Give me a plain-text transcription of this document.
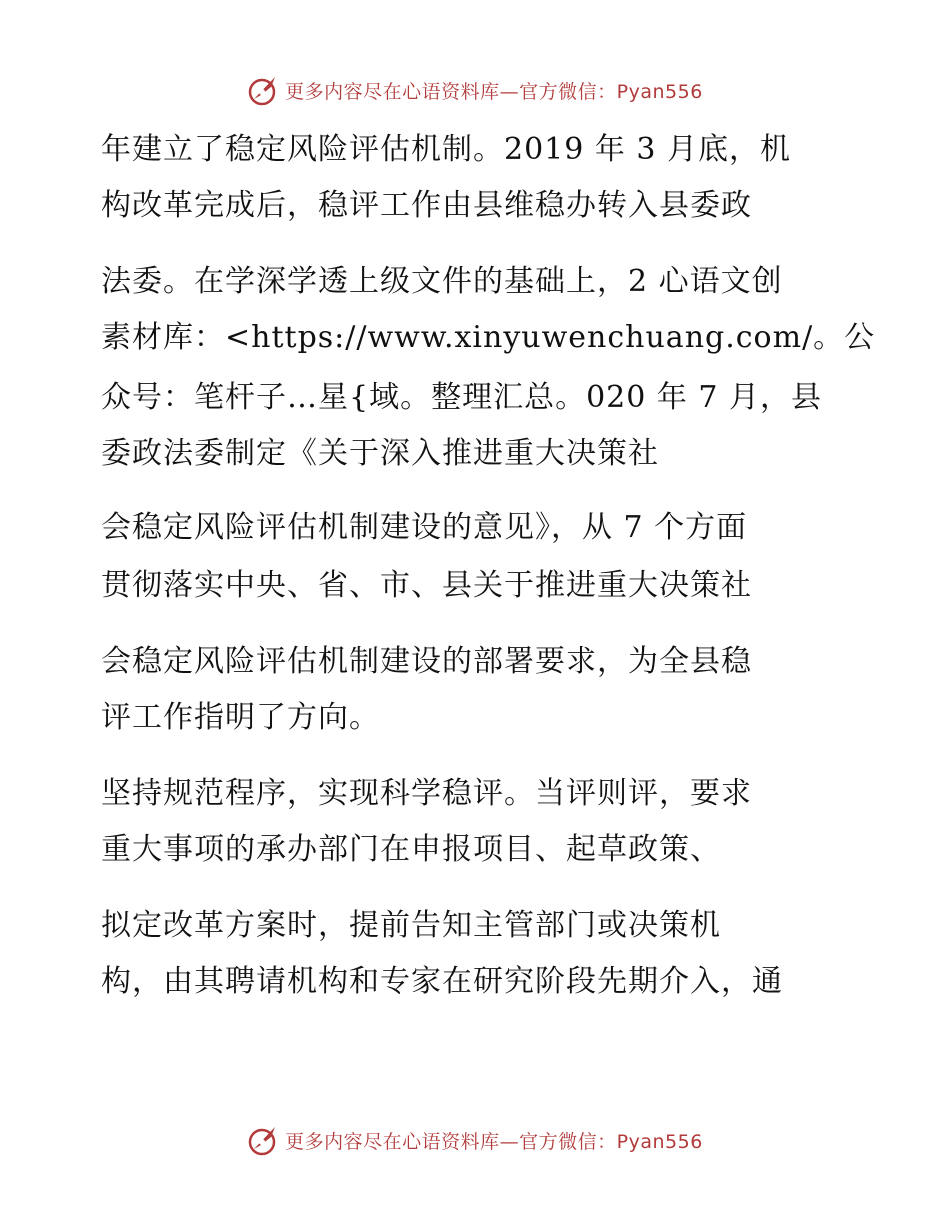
更多内容尽在心语资料库—官方微信：Pyan556
年建立了稳定风险评估机制。2019 年 3 月底，机
构改革完成后，稳评工作由县维稳办转入县委政
法委。在学深学透上级文件的基础上，2 心语文创
素材库：<https://www.xinyuwenchuang.com/。公
众号：笔杆子…星{域。整理汇总。020 年 7 月，县
委政法委制定《关于深入推进重大决策社
会稳定风险评估机制建设的意见》，从 7 个方面
贯彻落实中央、省、市、县关于推进重大决策社
会稳定风险评估机制建设的部署要求，为全县稳
评工作指明了方向。
坚持规范程序，实现科学稳评。当评则评，要求
重大事项的承办部门在申报项目、起草政策、
拟定改革方案时，提前告知主管部门或决策机
构，由其聘请机构和专家在研究阶段先期介入，通
更多内容尽在心语资料库—官方微信：Pyan556
